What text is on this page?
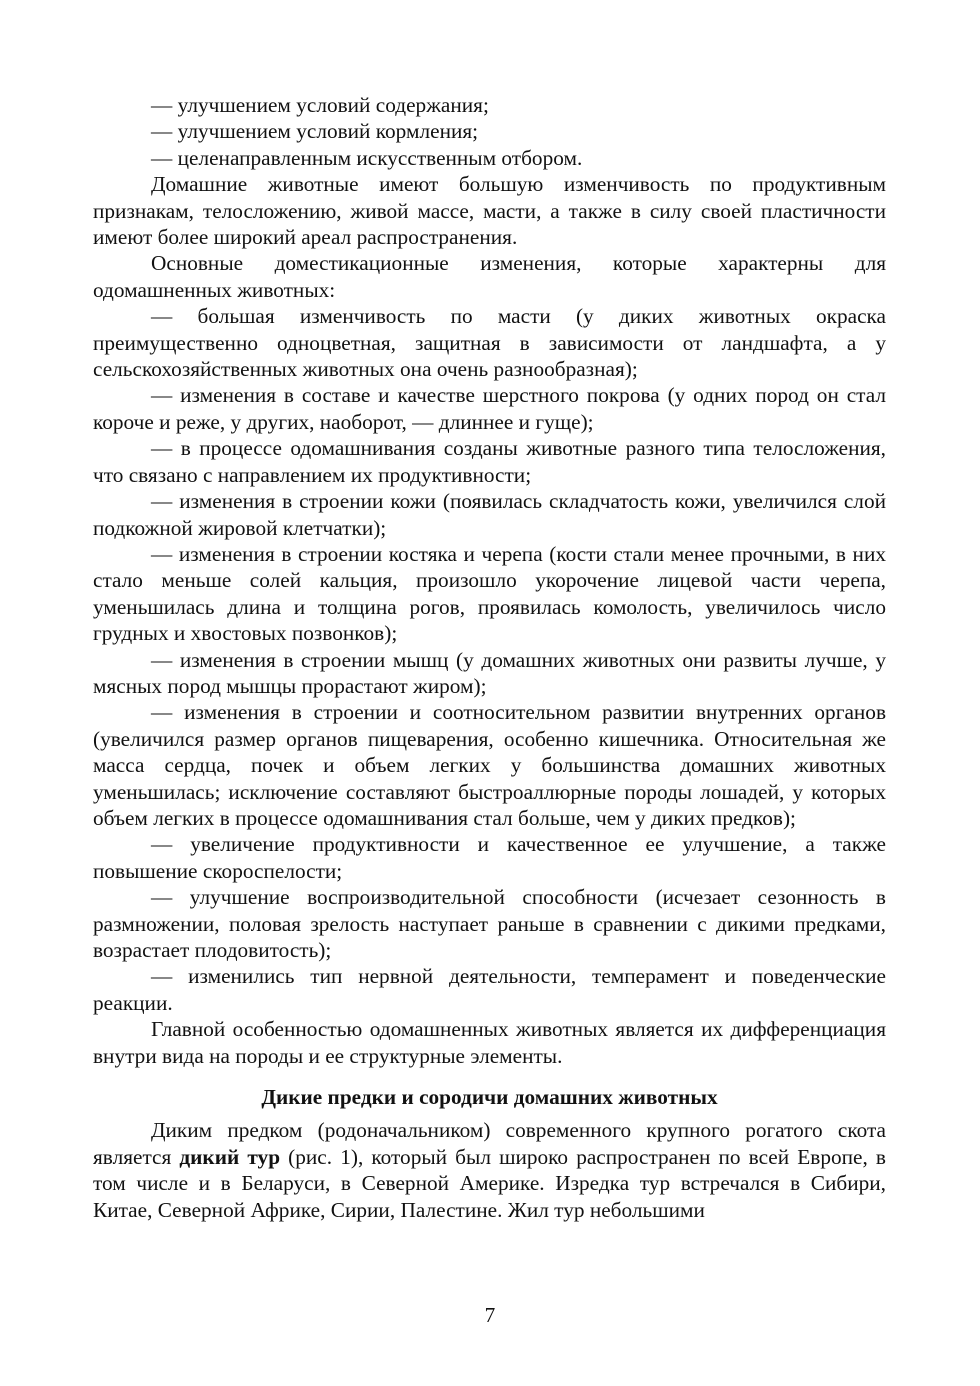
— улучшением условий содержания;

— улучшением условий кормления;

— целенаправленным искусственным отбором.

Домашние животные имеют большую изменчивость по продуктивным признакам, телосложению, живой массе, масти, а также в силу своей пластичности имеют более широкий ареал распространения.

Основные доместикационные изменения, которые характерны для одомашненных животных:

— большая изменчивость по масти (у диких животных окраска преимущественно одноцветная, защитная в зависимости от ландшафта, а у сельскохозяйственных животных она очень разнообразная);

— изменения в составе и качестве шерстного покрова (у одних пород он стал короче и реже, у других, наоборот, — длиннее и гуще);

— в процессе одомашнивания созданы животные разного типа телосложения, что связано с направлением их продуктивности;

— изменения в строении кожи (появилась складчатость кожи, увеличился слой подкожной жировой клетчатки);

— изменения в строении костяка и черепа (кости стали менее прочными, в них стало меньше солей кальция, произошло укорочение лицевой части черепа, уменьшилась длина и толщина рогов, проявилась комолость, увеличилось число грудных и хвостовых позвонков);

— изменения в строении мышц (у домашних животных они развиты лучше, у мясных пород мышцы прорастают жиром);

— изменения в строении и соотносительном развитии внутренних органов (увеличился размер органов пищеварения, особенно кишечника. Относительная же масса сердца, почек и объем легких у большинства домашних животных уменьшилась; исключение составляют быстроаллюрные породы лошадей, у которых объем легких в процессе одомашнивания стал больше, чем у диких предков);

— увеличение продуктивности и качественное ее улучшение, а также повышение скороспелости;

— улучшение воспроизводительной способности (исчезает сезонность в размножении, половая зрелость наступает раньше в сравнении с дикими предками, возрастает плодовитость);

— изменились тип нервной деятельности, темперамент и поведенческие реакции.

Главной особенностью одомашненных животных является их дифференциация внутри вида на породы и ее структурные элементы.

Дикие предки и сородичи домашних животных

Диким предком (родоначальником) современного крупного рогатого скота является дикий тур (рис. 1), который был широко распространен по всей Европе, в том числе и в Беларуси, в Северной Америке. Изредка тур встречался в Сибири, Китае, Северной Африке, Сирии, Палестине. Жил тур небольшими

7
